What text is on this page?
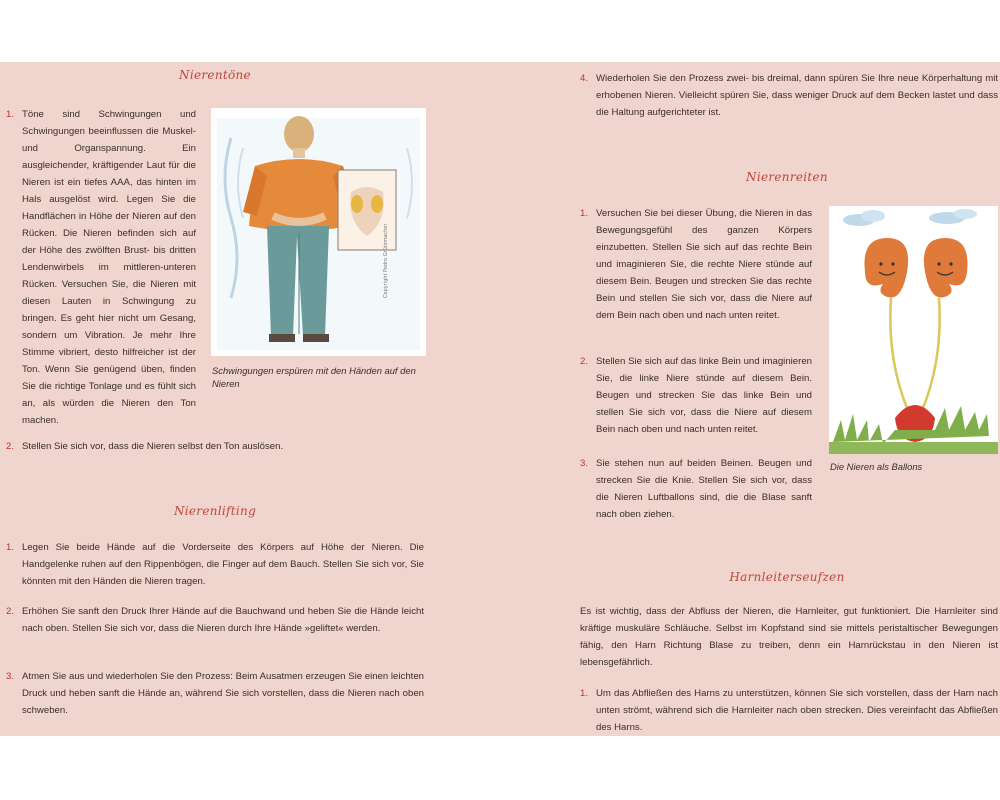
Nierentöne
1. Töne sind Schwingungen und Schwingungen beeinflussen die Muskel- und Organspannung. Ein ausgleichender, kräftigender Laut für die Nieren ist ein tiefes AAA, das hinten im Hals ausgelöst wird. Legen Sie die Handflächen in Höhe der Nieren auf den Rücken. Die Nieren befinden sich auf der Höhe des zwölften Brust- bis dritten Lendenwirbels im mittleren-unteren Rücken. Versuchen Sie, die Nieren mit diesen Lauten in Schwingung zu bringen. Es geht hier nicht um Gesang, sondern um Vibration. Je mehr Ihre Stimme vibriert, desto hilfreicher ist der Ton. Wenn Sie genügend üben, finden Sie die richtige Tonlage und es fühlt sich an, als würden die Nieren den Ton machen.
Copyright Pedro Grützmacher
Schwingungen erspüren mit den Händen auf den Nieren
2. Stellen Sie sich vor, dass die Nieren selbst den Ton auslösen.
Nierenlifting
1. Legen Sie beide Hände auf die Vorderseite des Körpers auf Höhe der Nieren. Die Handgelenke ruhen auf den Rippenbögen, die Finger auf dem Bauch. Stellen Sie sich vor, Sie könnten mit den Händen die Nieren tragen.
2. Erhöhen Sie sanft den Druck Ihrer Hände auf die Bauchwand und heben Sie die Hände leicht nach oben. Stellen Sie sich vor, dass die Nieren durch Ihre Hände »geliftet« werden.
3. Atmen Sie aus und wiederholen Sie den Prozess: Beim Ausatmen erzeugen Sie einen leichten Druck und heben sanft die Hände an, während Sie sich vorstellen, dass die Nieren nach oben schweben.
4. Wiederholen Sie den Prozess zwei- bis dreimal, dann spüren Sie Ihre neue Körperhaltung mit erhobenen Nieren. Vielleicht spüren Sie, dass weniger Druck auf dem Becken lastet und dass die Haltung aufgerichteter ist.
Nierenreiten
1. Versuchen Sie bei dieser Übung, die Nieren in das Bewegungsgefühl des ganzen Körpers einzubetten. Stellen Sie sich auf das rechte Bein und imaginieren Sie, die rechte Niere stünde auf diesem Bein. Beugen und strecken Sie das rechte Bein und stellen Sie sich vor, dass die Niere auf dem Bein nach oben und nach unten reitet.
2. Stellen Sie sich auf das linke Bein und imaginieren Sie, die linke Niere stünde auf diesem Bein. Beugen und strecken Sie das linke Bein und stellen Sie sich vor, dass die Niere auf diesem Bein nach oben und nach unten reitet.
3. Sie stehen nun auf beiden Beinen. Beugen und strecken Sie die Knie. Stellen Sie sich vor, dass die Nieren Luftballons sind, die die Blase sanft nach oben ziehen.
Die Nieren als Ballons
Harnleiterseufzen
Es ist wichtig, dass der Abfluss der Nieren, die Harnleiter, gut funktioniert. Die Harnleiter sind kräftige muskuläre Schläuche. Selbst im Kopfstand sind sie mittels peristaltischer Bewegungen fähig, den Harn Richtung Blase zu treiben, denn ein Harnrückstau in den Nieren ist lebensgefährlich.
1. Um das Abfließen des Harns zu unterstützen, können Sie sich vorstellen, dass der Harn nach unten strömt, während sich die Harnleiter nach oben strecken. Dies vereinfacht das Abfließen des Harns.
